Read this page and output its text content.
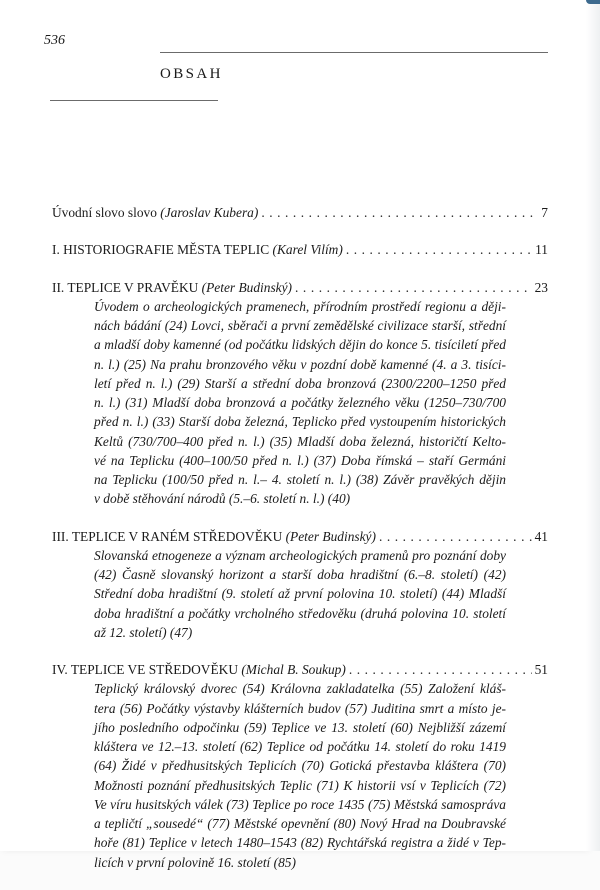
536
OBSAH
Úvodní slovo slovo (Jaroslav Kubera) . . .	7
I. HISTORIOGRAFIE MĚSTA TEPLIC (Karel Vilím) . . .	11
II. TEPLICE V PRAVĚKU (Peter Budinský) . . .	23
Úvodem o archeologických pramenech, přírodním prostředí regionu a ději-
nách bádání (24) Lovci, sběrači a první zemědělské civilizace starší, střední
a mladší doby kamenné (od počátku lidských dějin do konce 5. tisíciletí před
n. l.) (25) Na prahu bronzového věku v pozdní době kamenné (4. a 3. tisíci-
letí před n. l.) (29) Starší a střední doba bronzová (2300/2200–1250 před
n. l.) (31) Mladší doba bronzová a počátky železného věku (1250–730/700
před n. l.) (33) Starší doba železná, Teplicko před vystoupením historických
Keltů (730/700–400 před n. l.) (35) Mladší doba železná, historičtí Kelto-
vé na Teplicku (400–100/50 před n. l.) (37) Doba římská – staří Germáni
na Teplicku (100/50 před n. l.– 4. století n. l.) (38) Závěr pravěkých dějin
v době stěhování národů (5.–6. století n. l.) (40)
III. TEPLICE V RANÉM STŘEDOVĚKU (Peter Budinský) . . .	41
Slovanská etnogeneze a význam archeologických pramenů pro poznání doby
(42) Časně slovanský horizont a starší doba hradištní (6.–8. století) (42)
Střední doba hradištní (9. století až první polovina 10. století) (44) Mladší
doba hradištní a počátky vrcholného středověku (druhá polovina 10. století
až 12. století) (47)
IV. TEPLICE VE STŘEDOVĚKU (Michal B. Soukup) . . .	51
Teplický královský dvorec (54) Královna zakladatelka (55) Založení kláš-
tera (56) Počátky výstavby klášterních budov (57) Juditina smrt a místo je-
jího posledního odpočinku (59) Teplice ve 13. století (60) Nejbližší zázemí
kláštera ve 12.–13. století (62) Teplice od počátku 14. století do roku 1419
(64) Židé v předhusitských Teplicích (70) Gotická přestavba kláštera (70)
Možnosti poznání předhusitských Teplic (71) K historii vsí v Teplicích (72)
Ve víru husitských válek (73) Teplice po roce 1435 (75) Městská samospráva
a tepličtí „sousedé“ (77) Městské opevnění (80) Nový Hrad na Doubravské
hoře (81) Teplice v letech 1480–1543 (82) Rychtářská registra a židé v Tep-
licích v první polovině 16. století (85)
